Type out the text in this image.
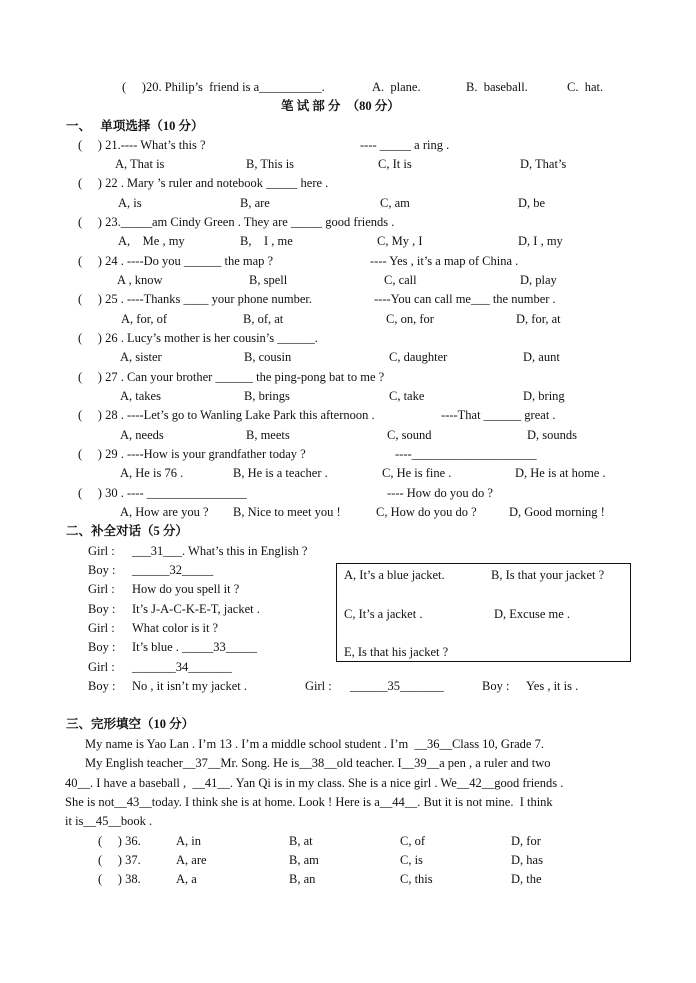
(     )20. Philip’s  friend is a__________.	A.  plane.	B.  baseball.	C.  hat.
笔 试 部 分  （80 分）
一、   单项选择（10 分）
(     ) 21.---- What’s this ?	---- _____ a ring .
A, That is	B, This is	C, It is	D, That’s
(     ) 22 . Mary ’s ruler and notebook _____ here .
A, is	B, are	C, am	D, be
(     ) 23._____am Cindy Green . They are _____ good friends .
A,    Me , my	B,    I , me	C, My , I	D, I , my
(     ) 24 . ----Do you ______ the map ?	---- Yes , it’s a map of China .
A , know	B, spell	C, call	D, play
(     ) 25 . ----Thanks ____ your phone number.	----You can call me___ the number .
A, for, of	B, of, at	C, on, for	D, for, at
(     ) 26 . Lucy’s mother is her cousin’s ______.
A, sister	B, cousin	C, daughter	D, aunt
(     ) 27 . Can your brother ______ the ping-pong bat to me ?
A, takes	B, brings	C, take	D, bring
(     ) 28 . ----Let’s go to Wanling Lake Park this afternoon .	----That ______ great .
A, needs	B, meets	C, sound	D, sounds
(     ) 29 . ----How is your grandfather today ?	----____________________
A, He is 76 .	B, He is a teacher .	C, He is fine .	D, He is at home .
(     ) 30 . ---- ________________	---- How do you do ?
A, How are you ? B, Nice to meet you !	C, How do you do ?	D, Good morning !
二、补全对话（5 分）
Girl : ___31___. What’s this in English ?
Boy : ______32_____
Girl : How do you spell it ?
Boy : It’s J-A-C-K-E-T, jacket .
Girl : What color is it ?
Boy : It’s blue . _____33_____
Girl : _______34_______
Boy : No , it isn’t my jacket .	Girl : ______35_______	Boy : Yes , it is .
A, It’s a blue jacket.	B, Is that your jacket ?
C, It’s a jacket .	D, Excuse me .
E, Is that his jacket ?
三、完形填空（10 分）
My name is Yao Lan . I’m 13 . I’m a middle school student . I’m  __36__Class 10, Grade 7.
My English teacher__37__Mr. Song. He is__38__old teacher. I__39__a pen , a ruler and two
40__. I have a baseball ,  __41__. Yan Qi is in my class. She is a nice girl . We__42__good friends .
She is not__43__today. I think she is at home. Look ! Here is a__44__. But it is not mine.  I think
it is__45__book .
(     ) 36.	A, in	B, at	C, of	D, for
(     ) 37.	A, are	B, am	C, is	D, has
(     ) 38.	A, a	B, an	C, this	D, the
